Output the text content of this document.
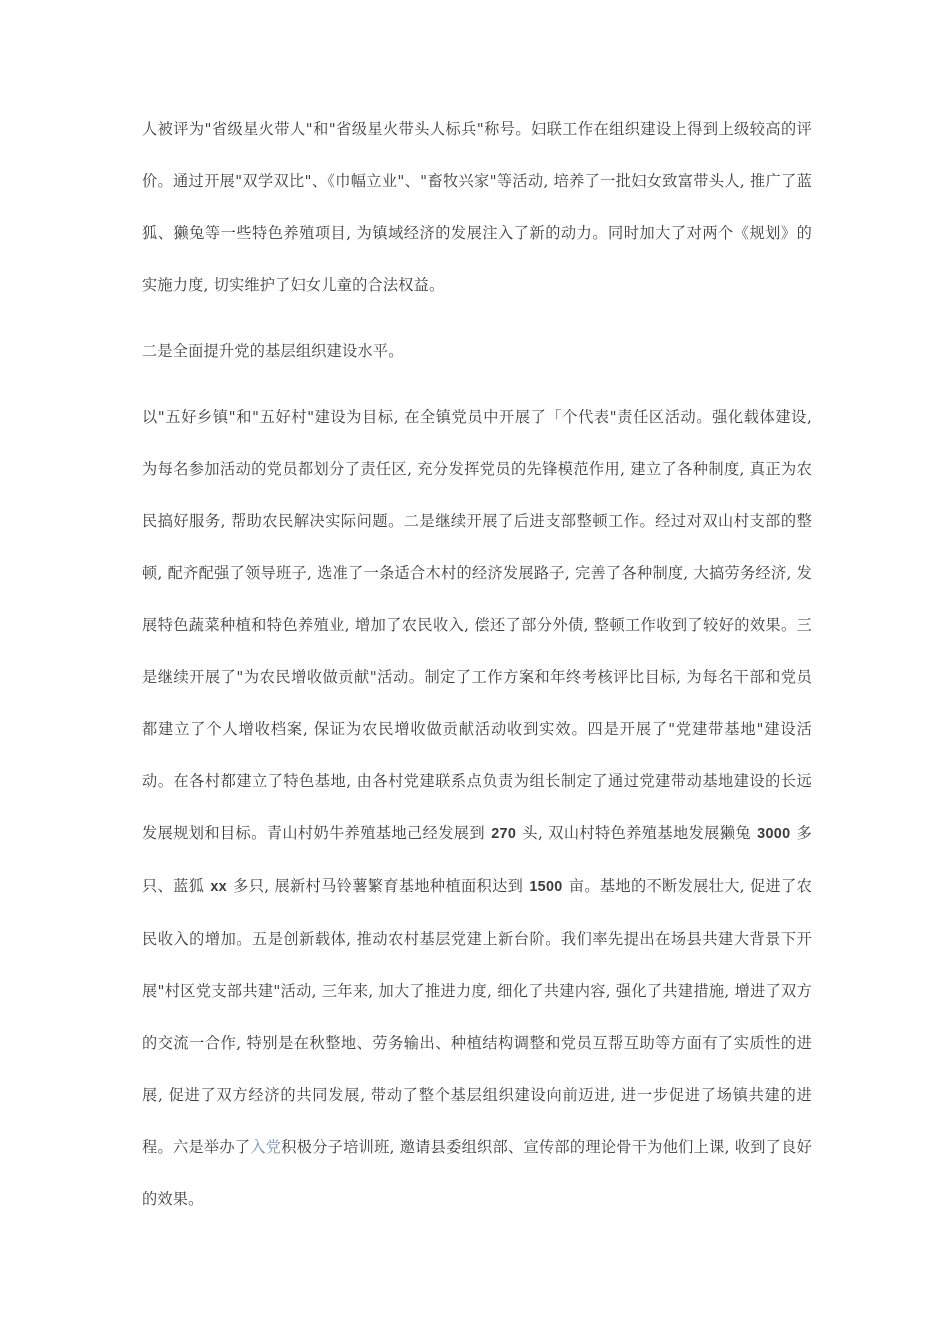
人被评为"省级星火带人"和"省级星火带头人标兵"称号。妇联工作在组织建设上得到上级较高的评价。通过开展"双学双比"、《巾幅立业"、"畜牧兴家"等活动, 培养了一批妇女致富带头人, 推广了蓝狐、獭兔等一些特色养殖项目, 为镇域经济的发展注入了新的动力。同时加大了对两个《规划》的实施力度, 切实维护了妇女儿童的合法权益。

二是全面提升党的基层组织建设水平。

以"五好乡镇"和"五好村"建设为目标, 在全镇党员中开展了「个代表"责任区活动。强化载体建设, 为每名参加活动的党员都划分了责任区, 充分发挥党员的先锋模范作用, 建立了各种制度, 真正为农民搞好服务, 帮助农民解决实际问题。二是继续开展了后进支部整顿工作。经过对双山村支部的整顿, 配齐配强了领导班子, 选准了一条适合木村的经济发展路子, 完善了各种制度, 大搞劳务经济, 发展特色蔬菜种植和特色养殖业, 增加了农民收入, 偿还了部分外债, 整顿工作收到了较好的效果。三是继续开展了"为农民增收做贡献"活动。制定了工作方案和年终考核评比目标, 为每名干部和党员都建立了个人增收档案, 保证为农民增收做贡献活动收到实效。四是开展了"党建带基地"建设活动。在各村都建立了特色基地, 由各村党建联系点负责为组长制定了通过党建带动基地建设的长远发展规划和目标。青山村奶牛养殖基地己经发展到 270 头, 双山村特色养殖基地发展獭兔 3000 多只、蓝狐 xx 多只, 展新村马铃薯繁育基地种植面积达到 1500 亩。基地的不断发展壮大, 促进了农民收入的增加。五是创新载体, 推动农村基层党建上新台阶。我们率先提出在场县共建大背景下开展"村区党支部共建"活动, 三年来, 加大了推进力度, 细化了共建内容, 强化了共建措施, 增进了双方的交流一合作, 特别是在秋整地、劳务输出、种植结构调整和党员互帮互助等方面有了实质性的进展, 促进了双方经济的共同发展, 带动了整个基层组织建设向前迈进, 进一步促进了场镇共建的进程。六是举办了入党积极分子培训班, 邀请县委组织部、宣传部的理论骨干为他们上课, 收到了良好的效果。
